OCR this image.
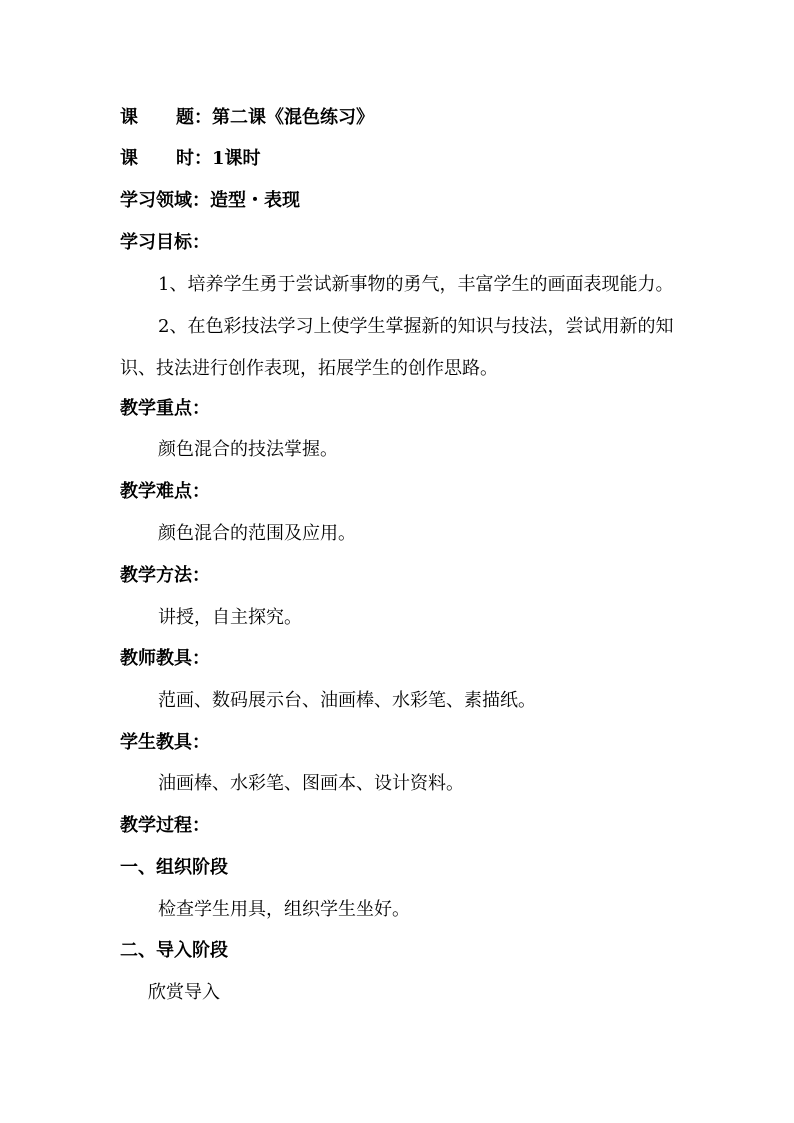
课 题：第二课《混色练习》
课 时：1课时
学习领域：造型・表现
学习目标：
1、培养学生勇于尝试新事物的勇气，丰富学生的画面表现能力。
2、在色彩技法学习上使学生掌握新的知识与技法，尝试用新的知识、技法进行创作表现，拓展学生的创作思路。
教学重点：
颜色混合的技法掌握。
教学难点：
颜色混合的范围及应用。
教学方法：
讲授，自主探究。
教师教具：
范画、数码展示台、油画棒、水彩笔、素描纸。
学生教具：
油画棒、水彩笔、图画本、设计资料。
教学过程：
一、组织阶段
检查学生用具，组织学生坐好。
二、导入阶段
欣赏导入
